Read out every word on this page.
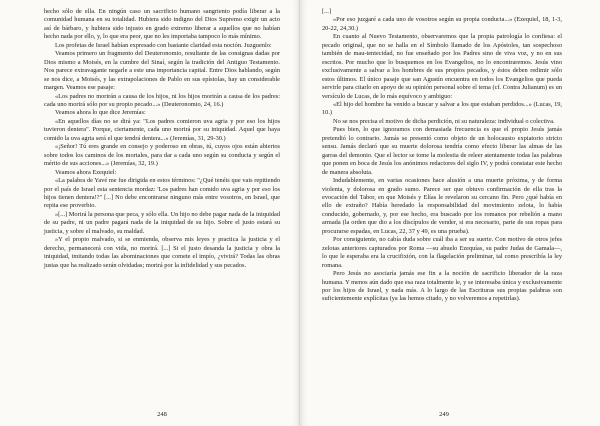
hecho sólo de ella. En ningún caso un sacrificio humano sangriento podía liberar a la comunidad humana en su totalidad. Hubiera sido indigno del Dios Supremo exigir un acto así de bárbaro, y hubiera sido injusto en grado extremo liberar a aquellos que no habían hecho nada por ello, y, lo que era peor, que no les importaba tampoco lo más mínimo.

Los profetas de Israel habían expresado con bastante claridad esta noción. Juzguenlo:

Veamos primero un fragmento del Deuteronomio, resultante de las consignas dadas por Dios mismo a Moisés, en la cumbre del Sinaí, según la tradición del Antiguo Testamento. Nos parece extravagante negarle a este una importancia capital. Entre Dios hablando, según se nos dice, a Moisés, y las extrapolaciones de Pablo en sus epístolas, hay un considerable margen. Veamos ese pasaje:

«Los padres no morirán a causa de los hijos, ni los hijos morirán a causa de los padres: cada uno morirá sólo por su propio pecado...» (Deuteronomio, 24, 16.)

Veamos ahora lo que dice Jeremías:

«En aquellos días no se dirá ya: "Los padres comieron uva agria y por eso los hijos tuvieron dentera". Porque, ciertamente, cada uno morirá por su iniquidad. Aquel que haya comido la uva agria será el que tendrá dentera...» (Jeremías, 31, 29-30.)

«¡Señor! Tú eres grande en consejo y poderoso en obras, tú, cuyos ojos están abiertos sobre todos los caminos de los mortales, para dar a cada uno según su conducta y según el mérito de sus acciones...» (Jeremías, 32, 19.)

Veamos ahora Ezequiel:

«La palabra de Yavé me fue dirigida en estos términos: "¿Qué tenéis que vais repitiendo por el país de Israel esta sentencia mordaz: 'Los padres han comido uva agria y por eso los hijos tienen dentera!?" [...] No debe encontrarse ninguno más entre vosotros, en Israel, que repita ese proverbio.

»[...] Morirá la persona que peca, y sólo ella. Un hijo no debe pagar nada de la iniquidad de su padre, ni un padre pagará nada de la iniquidad de su hijo. Sobre el justo estará su justicia, y sobre el malvado, su maldad.

»Y el propio malvado, si se enmienda, observa mis leyes y practica la justicia y el derecho, permanecerá con vida, no morirá. [...] Si el justo desanda la justicia y obra la iniquidad, imitando todas las abominaciones que comete el impío, ¿vivirá? Todas las obras justas que ha realizado serán olvidadas; morirá por la infidelidad y sus pecados.

248

[...]

»Por eso juzgaré a cada uno de vosotros según su propia conducta...» (Ezequiel, 18, 1-3, 20-22, 24,30.)

En cuanto al Nuevo Testamento, observaremos que la propia patrología lo confiesa: el pecado original, que no se halla en el Símbolo llamado de los Apóstoles, tan sospechoso también de mau-tentecidad, no fue enseñado por los Padres sino de viva voz, y no en sus escritos. Por mucho que lo busquemos en los Evangelios, no lo encontraremos. Jesús vino exclusivamente a salvar a los hombres de sus propios pecados, y éstos deben redimir sólo estos últimos. El único pasaje que san Agustín encuentra en todos los Evangelios que pueda servirle para citarlo en apoyo de su opinión personal sobre el tema (cf. Contra Julianum) es un versículo de Lucas, de lo más equívoco y ambiguo:

«El hijo del hombre ha venido a buscar y salvar a los que estaban perdidos...» (Lucas, 19, 10.)

No se nos precisa el motivo de dicha perdición, ni su naturaleza: individual o colectiva.

Pues bien, lo que ignoramos con demasiada frecuencia es que el propio Jesús jamás pretendió lo contrario. Jamás se presentó como objeto de un holocausto expiatorio stricto sensu. Jamás declaró que su muerte dolorosa tendría como efecto liberar las almas de las garras del demonio. Que el lector se tome la molestia de releer atentamente todas las palabras que ponen en boca de Jesús los anónimos redactores del siglo IV, y podrá constatar este hecho de manera absoluta.

Indudablemente, en varias ocasiones hace alusión a una muerte próxima, y de forma violenta, y dolorosa en grado sumo. Parece ser que obtuvo confirmación de ella tras la evocación del Tabor, en que Moisés y Elías le revelaron su cercano fin. Pero ¿qué había en ello de extraño? Había heredado la responsabilidad del movimiento zelota, lo había conducido, gobernado, y, por ese hecho, era buscado por los romanos por rebelión a mano armada (la orden que dio a los discípulos de vender, si era necesario, parte de sus ropas para procurarse espadas, en Lucas, 22, 37 y 49, es una prueba).

Por consiguiente, no cabía duda sobre cuál iba a ser su suerte. Con motivo de otros jefes zelotas anteriores capturados por Roma —su abuelo Ezequías, su padre Judas de Gamala—, lo que le esperaba era la crucifixión, con la flagelación preliminar, tal como prescribía la ley romana.

Pero Jesús no asociaría jamás ese fin a la noción de sacrificio liberador de la raza humana. Y menos aún dado que esa raza totalmente le, y se interesaba única y exclusivamente por los hijos de Israel, y nada más. A lo largo de las Escrituras sus propias palabras son suficientemente explícitas (ya las hemos citado, y no volveremos a repetirlas).

249
